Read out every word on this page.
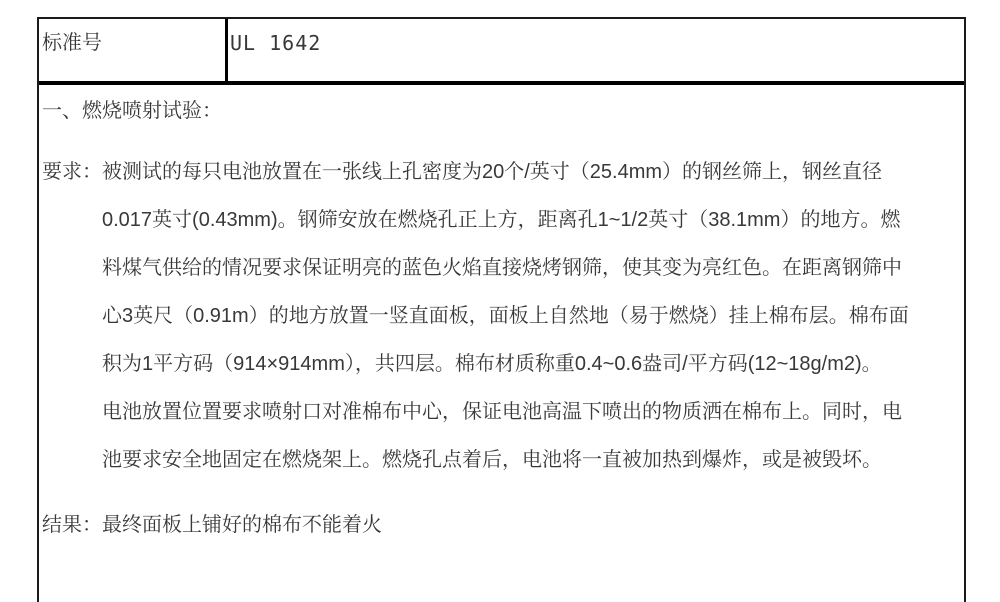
标准号	UL 1642
一、燃烧喷射试验：
要求： 被测试的每只电池放置在一张线上孔密度为20个/英寸（25.4mm）的钢丝筛上，钢丝直径
0.017英寸(0.43mm)。钢筛安放在燃烧孔正上方，距离孔1~1/2英寸（38.1mm）的地方。燃
料煤气供给的情况要求保证明亮的蓝色火焰直接烧烤钢筛，使其变为亮红色。在距离钢筛中
心3英尺（0.91m）的地方放置一竖直面板，面板上自然地（易于燃烧）挂上棉布层。棉布面
积为1平方码（914×914mm），共四层。棉布材质称重0.4~0.6盎司/平方码(12~18g/m2)。
电池放置位置要求喷射口对准棉布中心，保证电池高温下喷出的物质洒在棉布上。同时，电
池要求安全地固定在燃烧架上。燃烧孔点着后，电池将一直被加热到爆炸，或是被毁坏。
结果： 最终面板上铺好的棉布不能着火
